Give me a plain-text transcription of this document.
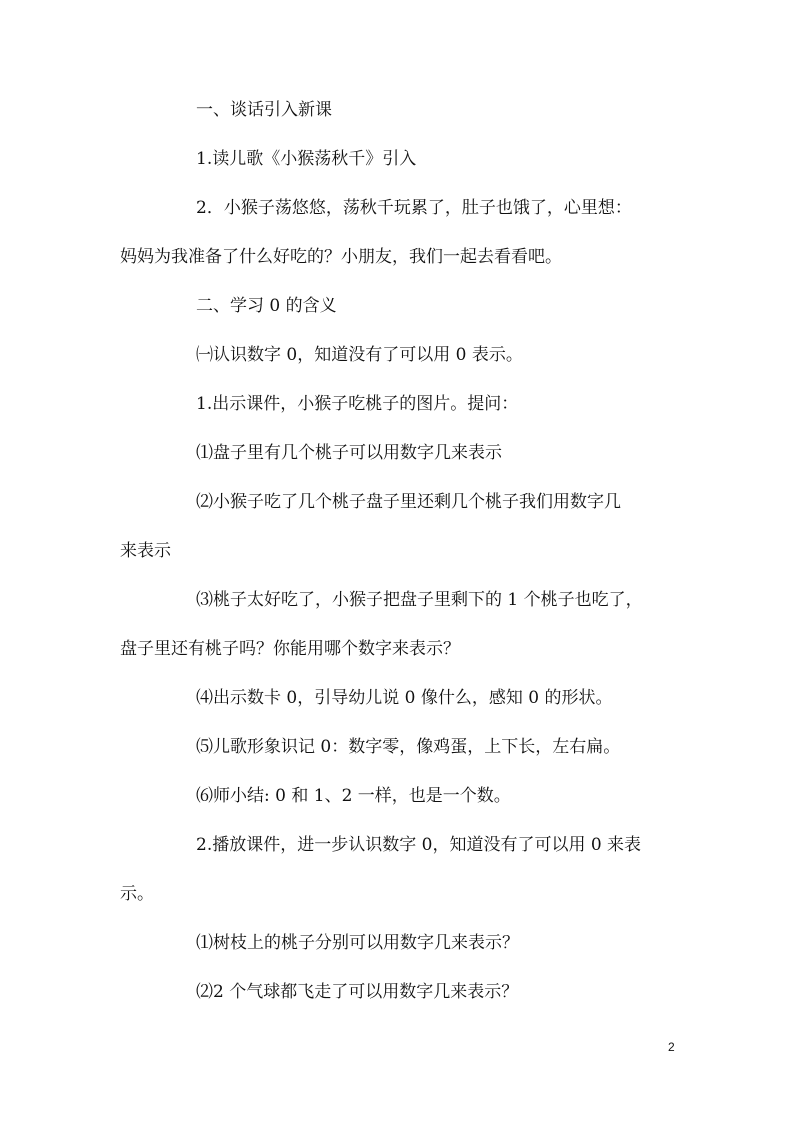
一、谈话引入新课
1.读儿歌《小猴荡秋千》引入
2．小猴子荡悠悠，荡秋千玩累了，肚子也饿了，心里想：
妈妈为我准备了什么好吃的？小朋友，我们一起去看看吧。
二、学习 0 的含义
㈠认识数字 0，知道没有了可以用 0 表示。
1.出示课件，小猴子吃桃子的图片。提问：
⑴盘子里有几个桃子可以用数字几来表示
⑵小猴子吃了几个桃子盘子里还剩几个桃子我们用数字几
来表示
⑶桃子太好吃了，小猴子把盘子里剩下的 1 个桃子也吃了，
盘子里还有桃子吗？你能用哪个数字来表示？
⑷出示数卡 0，引导幼儿说 0 像什么，感知 0 的形状。
⑸儿歌形象识记 0：数字零，像鸡蛋，上下长，左右扁。
⑹师小结: 0 和 1、2 一样，也是一个数。
2.播放课件，进一步认识数字 0，知道没有了可以用 0 来表
示。
⑴树枝上的桃子分别可以用数字几来表示？
⑵2 个气球都飞走了可以用数字几来表示？
2
